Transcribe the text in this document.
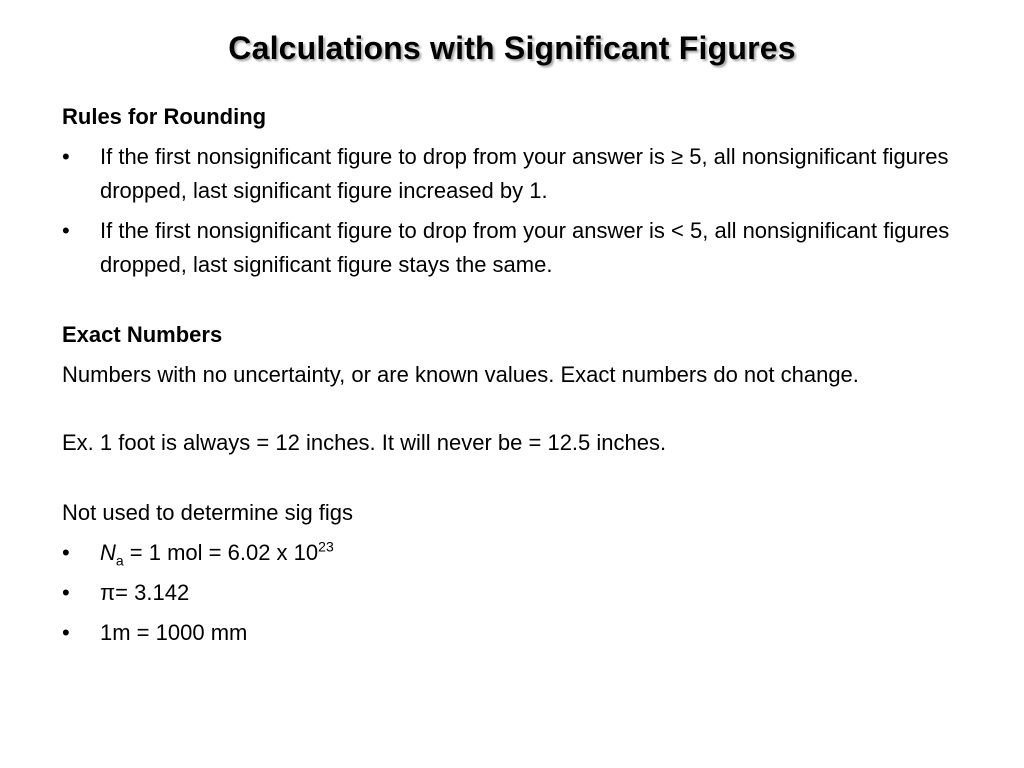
Calculations with Significant Figures

Rules for Rounding

• If the first nonsignificant figure to drop from your answer is ≥ 5, all nonsignificant figures dropped, last significant figure increased by 1.
• If the first nonsignificant figure to drop from your answer is < 5, all nonsignificant figures dropped, last significant figure stays the same.

Exact Numbers

Numbers with no uncertainty, or are known values. Exact numbers do not change.

Ex. 1 foot is always = 12 inches. It will never be = 12.5 inches.

Not used to determine sig figs

• $N_a = 1$ mol = 6.02 x $10^{23}$
• π= 3.142
• 1m = 1000 mm
